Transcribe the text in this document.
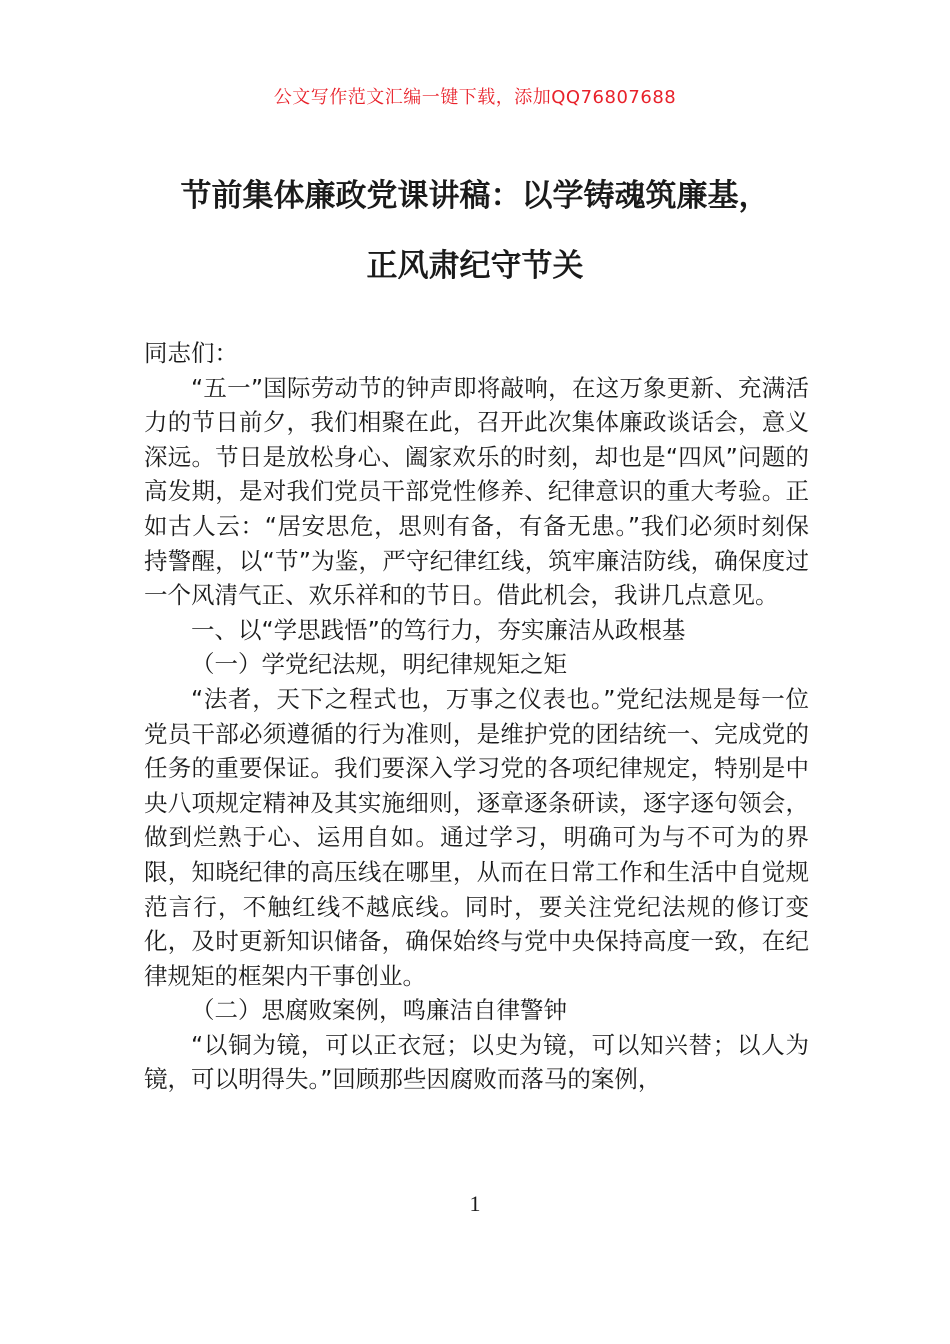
公文写作范文汇编一键下载，添加QQ76807688
节前集体廉政党课讲稿：以学铸魂筑廉基，
正风肃纪守节关

同志们：

“五一”国际劳动节的钟声即将敲响，在这万象更新、充满活力的节日前夕，我们相聚在此，召开此次集体廉政谈话会，意义深远。节日是放松身心、阖家欢乐的时刻，却也是“四风”问题的高发期，是对我们党员干部党性修养、纪律意识的重大考验。正如古人云：“居安思危，思则有备，有备无患。”我们必须时刻保持警醒，以“节”为鉴，严守纪律红线，筑牢廉洁防线，确保度过一个风清气正、欢乐祥和的节日。借此机会，我讲几点意见。

一、以“学思践悟”的笃行力，夯实廉洁从政根基

（一）学党纪法规，明纪律规矩之矩

“法者，天下之程式也，万事之仪表也。”党纪法规是每一位党员干部必须遵循的行为准则，是维护党的团结统一、完成党的任务的重要保证。我们要深入学习党的各项纪律规定，特别是中央八项规定精神及其实施细则，逐章逐条研读，逐字逐句领会，做到烂熟于心、运用自如。通过学习，明确可为与不可为的界限，知晓纪律的高压线在哪里，从而在日常工作和生活中自觉规范言行，不触红线不越底线。同时，要关注党纪法规的修订变化，及时更新知识储备，确保始终与党中央保持高度一致，在纪律规矩的框架内干事创业。

（二）思腐败案例，鸣廉洁自律警钟

“以铜为镜，可以正衣冠；以史为镜，可以知兴替；以人为镜，可以明得失。”回顾那些因腐败而落马的案例，

1
